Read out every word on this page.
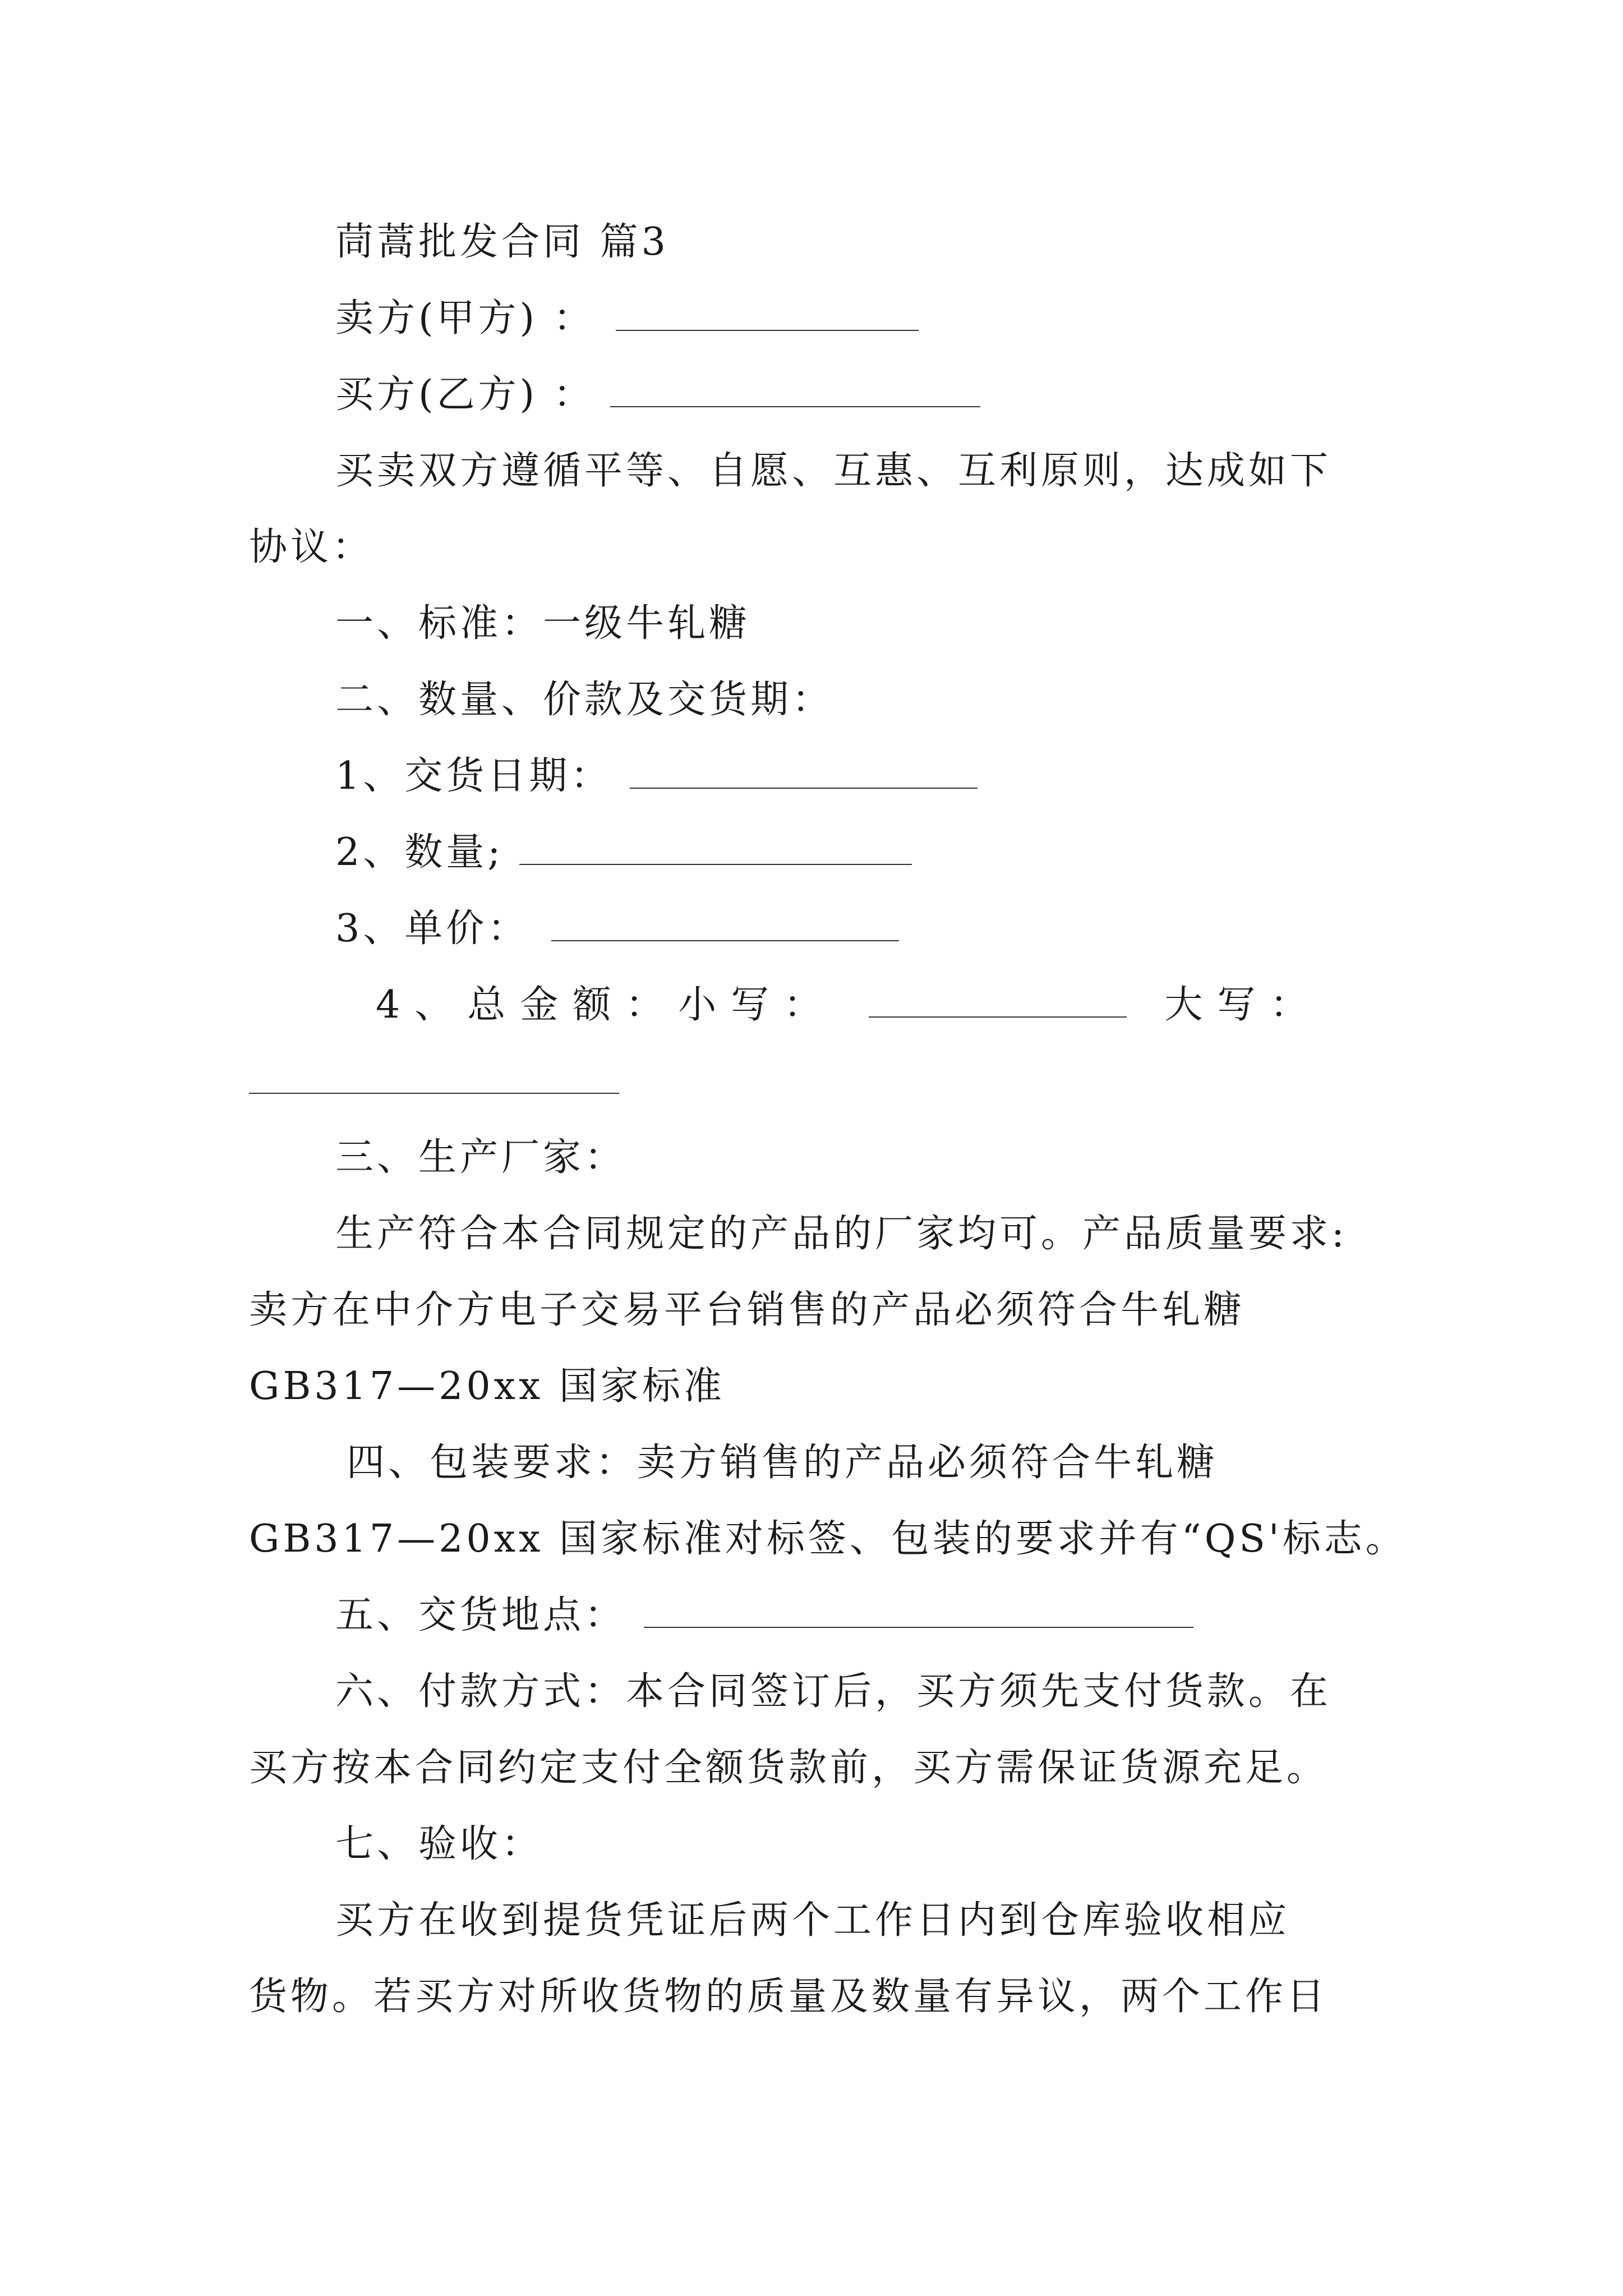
茼蒿批发合同 篇3
卖方(甲方) ：
买方(乙方) ：
买卖双方遵循平等、自愿、互惠、互利原则，达成如下
协议：
一、标准：一级牛轧糖
二、数量、价款及交货期：
1、交货日期：
2、数量;
3、单价：
4、总金额：小写：	大写：
三、生产厂家：
生产符合本合同规定的产品的厂家均可。产品质量要求:
卖方在中介方电子交易平台销售的产品必须符合牛轧糖
GB317—20xx 国家标准
四、包装要求：卖方销售的产品必须符合牛轧糖
GB317—20xx 国家标准对标签、包装的要求并有“QS'标志。
五、交货地点：
六、付款方式：本合同签订后，买方须先支付货款。在
买方按本合同约定支付全额货款前，买方需保证货源充足。
七、验收：
买方在收到提货凭证后两个工作日内到仓库验收相应
货物。若买方对所收货物的质量及数量有异议，两个工作日
